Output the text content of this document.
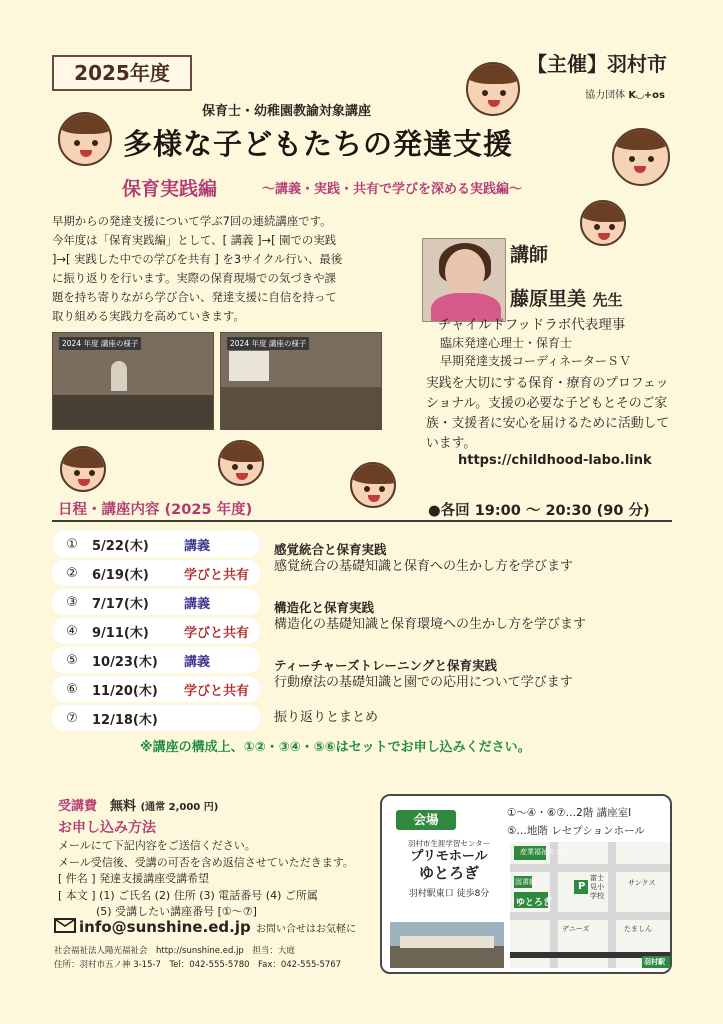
2025年度	【主催】羽村市
協力団体 K◡+os
保育士・幼稚園教諭対象講座
多様な子どもたちの発達支援
保育実践編	〜講義・実践・共有で学びを深める実践編〜

早期からの発達支援について学ぶ7回の連続講座です。

今年度は「保育実践編」として、[ 講義 ]→[ 園での実践

]→[ 実践した中での学びを共有 ] を3サイクル行い、最後

に振り返りを行います。実際の保育現場での気づきや課

題を持ち寄りながら学び合い、発達支援に自信を持って

取り組める実践力を高めていきます。

2024 年度 講座の様子	2024 年度 講座の様子
講師
藤原里美 先生
チャイルドフッドラボ代表理事
臨床発達心理士・保育士
早期発達支援コーディネーターＳＶ
実践を大切にする保育・療育のプロフェッショナル。支援の必要な子どもとそのご家族・支援者に安心を届けるために活動しています。
https://childhood-labo.link
日程・講座内容 (2025 年度)	●各回 19:00 〜 20:30 (90 分)
①	5/22(木)	講義	感覚統合と保育実践
感覚統合の基礎知識と保育への生かし方を学びます
②	6/19(木)	学びと共有	
③	7/17(木)	講義	構造化と保育実践
構造化の基礎知識と保育環境への生かし方を学びます
④	9/11(木)	学びと共有	
⑤	10/23(木)	講義	ティーチャーズトレーニングと保育実践
行動療法の基礎知識と園での応用について学びます
⑥	11/20(木)	学びと共有	
⑦	12/18(木)		振り返りとまとめ
※講座の構成上、①②・③④・⑤⑥はセットでお申し込みください。
受講費　 無料 (通常 2,000 円)
お申し込み方法

メールにて下記内容をご送信ください。

メール受信後、受講の可否を含め返信させていただきます。

[ 件名 ] 発達支援講座受講希望

[ 本文 ] (1) ご氏名 (2) 住所 (3) 電話番号 (4) ご所属

(5) 受講したい講座番号 [①〜⑦]

info@sunshine.ed.jp お問い合せはお気軽に

社会福祉法人陽光福祉会　http://sunshine.ed.jp　担当：大庭

住所：羽村市五ノ神 3-15-7　Tel：042-555-5780　Fax：042-555-5767

会場	①〜④・⑥⑦…2階 講座室Ⅰ
⑤…地階 レセプションホール
羽村市生涯学習センター
プリモホール
ゆとろぎ
羽村駅東口 徒歩8分
産業福祉センター
図書館
ゆとろぎ
P
富士見小学校
デニーズ
サンクス
たましん
羽村駅
